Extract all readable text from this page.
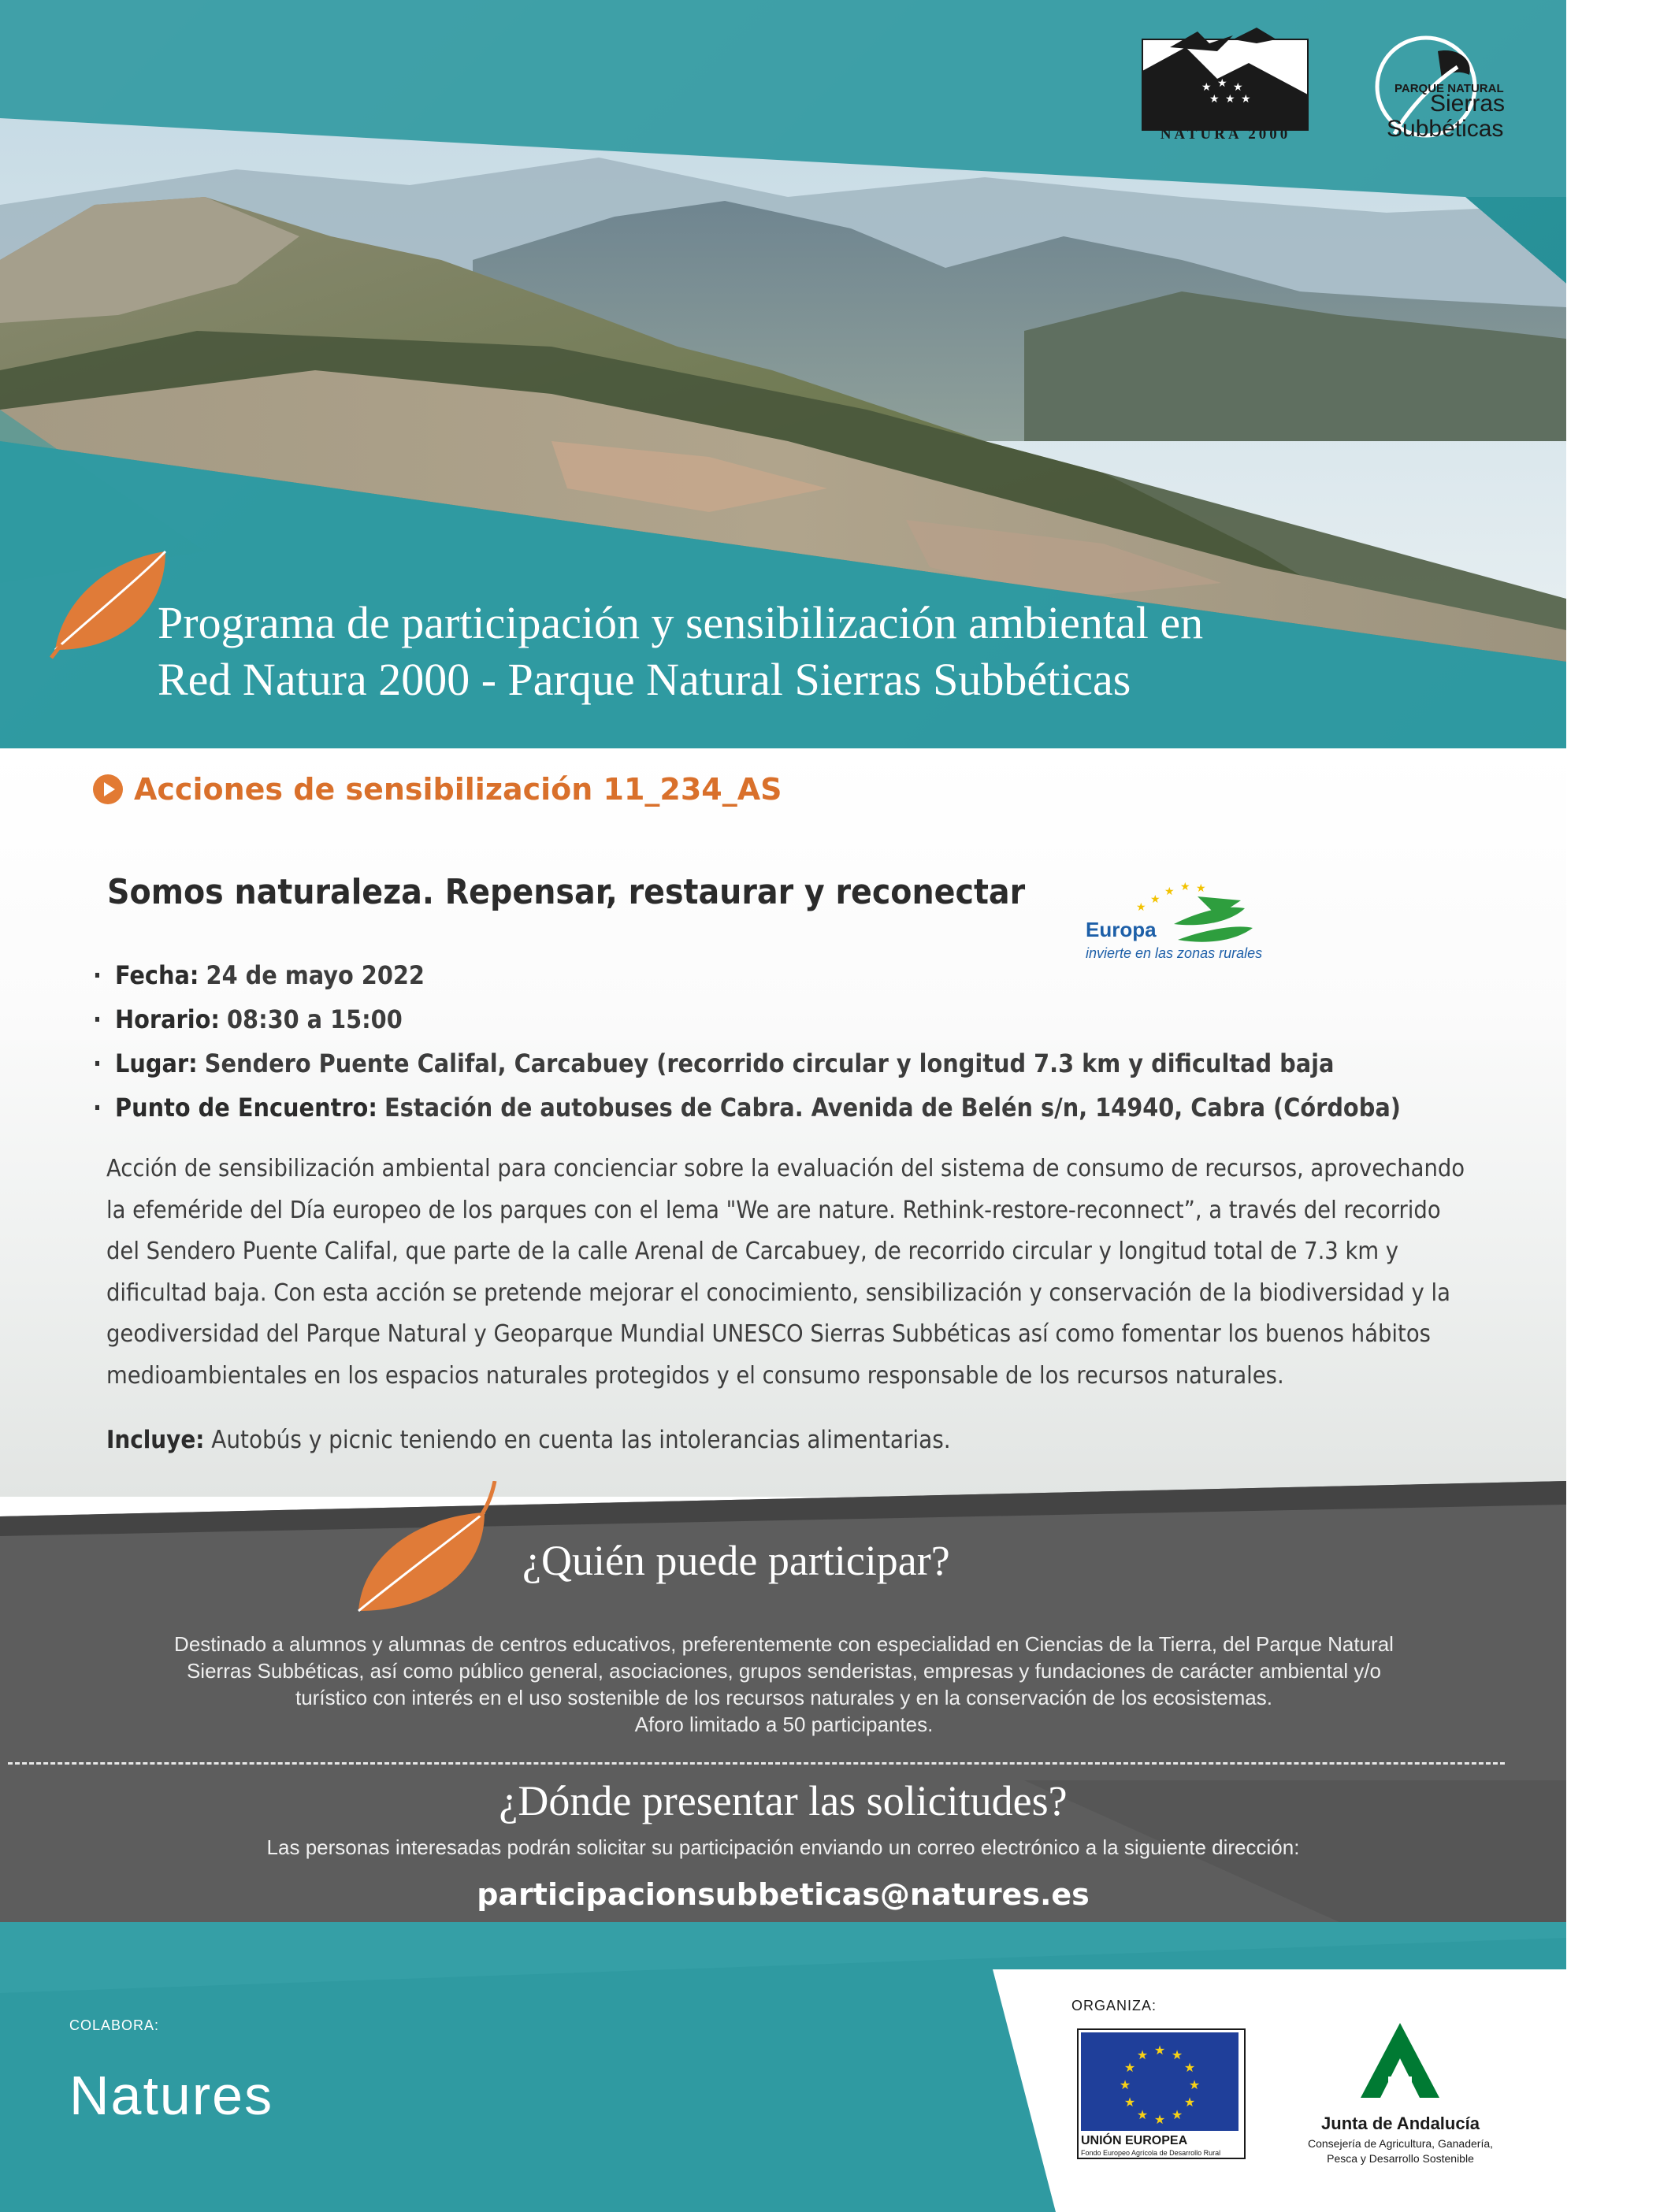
★ ★ ★
★ ★ ★
NATURA 2000
PARQUE NATURAL
Sierras
Subbéticas
Programa de participación y sensibilización ambiental en
Red Natura 2000 - Parque Natural Sierras Subbéticas
Acciones de sensibilización 11_234_AS
Somos naturaleza. Repensar, restaurar y reconectar	★
★ ★ ★
★
Europa
invierte en las zonas rurales
· Fecha: 24 de mayo 2022
· Horario: 08:30 a 15:00
· Lugar: Sendero Puente Califal, Carcabuey (recorrido circular y longitud 7.3 km y dificultad baja
· Punto de Encuentro: Estación de autobuses de Cabra. Avenida de Belén s/n, 14940, Cabra (Córdoba)
Acción de sensibilización ambiental para concienciar sobre la evaluación del sistema de consumo de recursos, aprovechando
la efeméride del Día europeo de los parques con el lema "We are nature. Rethink-restore-reconnect”, a través del recorrido
del Sendero Puente Califal, que parte de la calle Arenal de Carcabuey, de recorrido circular y longitud total de 7.3 km y
dificultad baja. Con esta acción se pretende mejorar el conocimiento, sensibilización y conservación de la biodiversidad y la
geodiversidad del Parque Natural y Geoparque Mundial UNESCO Sierras Subbéticas así como fomentar los buenos hábitos
medioambientales en los espacios naturales protegidos y el consumo responsable de los recursos naturales.
Incluye: Autobús y picnic teniendo en cuenta las intolerancias alimentarias.
¿Quién puede participar?
Destinado a alumnos y alumnas de centros educativos, preferentemente con especialidad en Ciencias de la Tierra, del Parque Natural
Sierras Subbéticas, así como público general, asociaciones, grupos senderistas, empresas y fundaciones de carácter ambiental y/o
turístico con interés en el uso sostenible de los recursos naturales y en la conservación de los ecosistemas.
Aforo limitado a 50 participantes.
¿Dónde presentar las solicitudes?
Las personas interesadas podrán solicitar su participación enviando un correo electrónico a la siguiente dirección:
participacionsubbeticas@natures.es
COLABORA:
Natures
ORGANIZA:
★ ★
★
★
★
★
★
★
★
★
★
★
UNIÓN EUROPEA
Fondo Europeo Agrícola de Desarrollo Rural
Junta de Andalucía
Consejería de Agricultura, Ganadería,
Pesca y Desarrollo Sostenible
